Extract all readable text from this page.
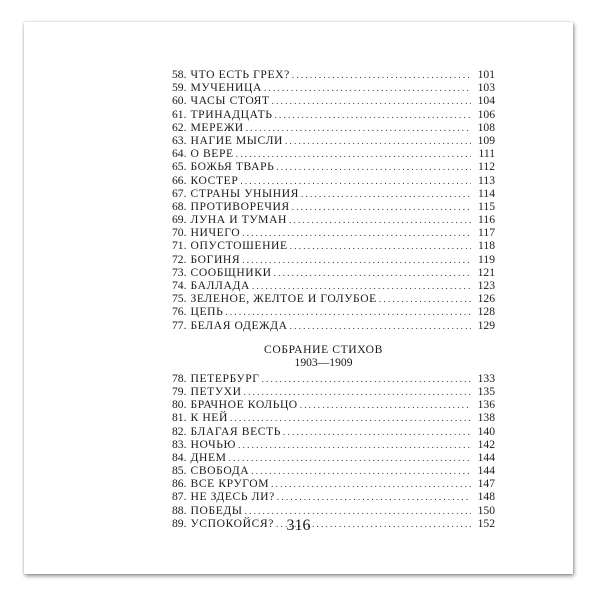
58. ЧТО ЕСТЬ ГРЕХ? . . .	101
59. МУЧЕНИЦА . . .	103
60. ЧАСЫ СТОЯТ . . .	104
61. ТРИНАДЦАТЬ . . .	106
62. МЕРЕЖИ . . .	108
63. НАГИЕ МЫСЛИ . . .	109
64. О ВЕРЕ . . .	111
65. БОЖЬЯ ТВАРЬ . . .	112
66. КОСТЕР . . .	113
67. СТРАНЫ УНЫНИЯ . . .	114
68. ПРОТИВОРЕЧИЯ . . .	115
69. ЛУНА И ТУМАН . . .	116
70. НИЧЕГО . . .	117
71. ОПУСТОШЕНИЕ . . .	118
72. БОГИНЯ . . .	119
73. СООБЩНИКИ . . .	121
74. БАЛЛАДА . . .	123
75. ЗЕЛЕНОЕ, ЖЕЛТОЕ И ГОЛУБОЕ . . .	126
76. ЦЕПЬ . . .	128
77. БЕЛАЯ ОДЕЖДА . . .	129
СОБРАНИЕ СТИХОВ
1903—1909
78. ПЕТЕРБУРГ . . .	133
79. ПЕТУХИ . . .	135
80. БРАЧНОЕ КОЛЬЦО . . .	136
81. К НЕЙ . . .	138
82. БЛАГАЯ ВЕСТЬ . . .	140
83. НОЧЬЮ . . .	142
84. ДНЕМ . . .	144
85. СВОБОДА . . .	144
86. ВСЕ КРУГОМ . . .	147
87. НЕ ЗДЕСЬ ЛИ? . . .	148
88. ПОБЕДЫ . . .	150
89. УСПОКОЙСЯ? . . .	152
316
